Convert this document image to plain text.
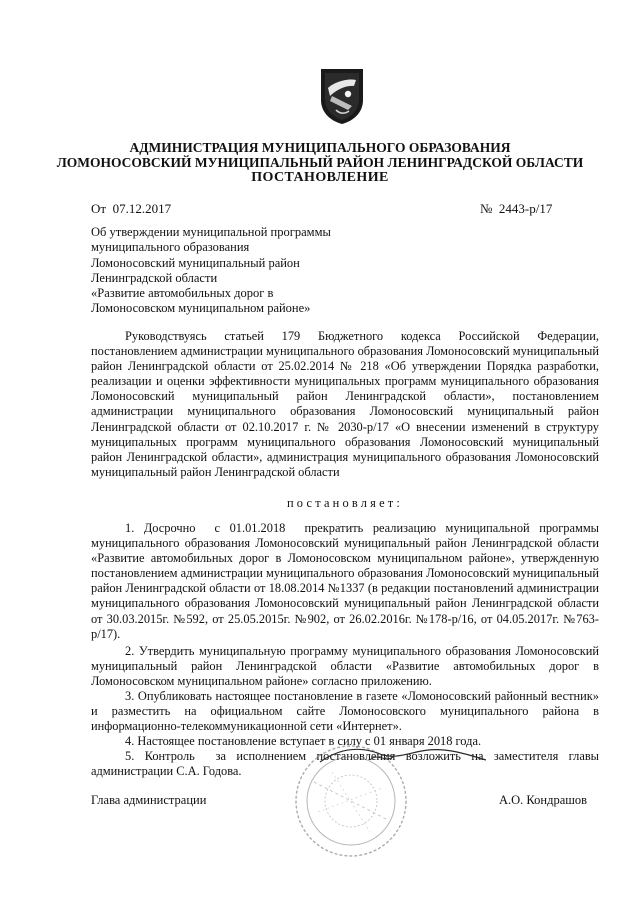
АДМИНИСТРАЦИЯ МУНИЦИПАЛЬНОГО ОБРАЗОВАНИЯ
ЛОМОНОСОВСКИЙ МУНИЦИПАЛЬНЫЙ РАЙОН ЛЕНИНГРАДСКОЙ ОБЛАСТИ
ПОСТАНОВЛЕНИЕ
От  07.12.2017	№  2443-р/17
Об утверждении муниципальной программы
муниципального образования
Ломоносовский муниципальный район
Ленинградской области
«Развитие автомобильных дорог в
Ломоносовском муниципальном районе»
Руководствуясь статьей 179 Бюджетного кодекса Российской Федерации, постановлением администрации муниципального образования Ломоносовский муниципальный район Ленинградской области от 25.02.2014 № 218 «Об утверждении Порядка разработки, реализации и оценки эффективности муниципальных программ муниципального образования Ломоносовский муниципальный район Ленинградской области», постановлением администрации муниципального образования Ломоносовский муниципальный район Ленинградской области от 02.10.2017 г. № 2030-р/17 «О внесении изменений в структуру муниципальных программ муниципального образования Ломоносовский муниципальный район Ленинградской области», администрация муниципального образования Ломоносовский муниципальный район Ленинградской области
постановляет:
1. Досрочно  с 01.01.2018  прекратить реализацию муниципальной программы муниципального образования Ломоносовский муниципальный район Ленинградской области «Развитие автомобильных дорог в Ломоносовском муниципальном районе», утвержденную постановлением администрации муниципального образования Ломоносовский муниципальный район Ленинградской области от 18.08.2014 №1337 (в редакции постановлений администрации муниципального образования Ломоносовский муниципальный район Ленинградской области от 30.03.2015г. №592, от 25.05.2015г. №902, от 26.02.2016г. №178-р/16, от 04.05.2017г. №763-р/17).
2. Утвердить муниципальную программу муниципального образования Ломоносовский муниципальный район Ленинградской области «Развитие автомобильных дорог в Ломоносовском муниципальном районе» согласно приложению.
3. Опубликовать настоящее постановление в газете «Ломоносовский районный вестник» и разместить на официальном сайте Ломоносовского муниципального района в информационно-телекоммуникационной сети «Интернет».
4. Настоящее постановление вступает в силу с 01 января 2018 года.
5. Контроль  за исполнением постановления возложить на заместителя главы администрации С.А. Годова.
Глава администрации	А.О. Кондрашов
